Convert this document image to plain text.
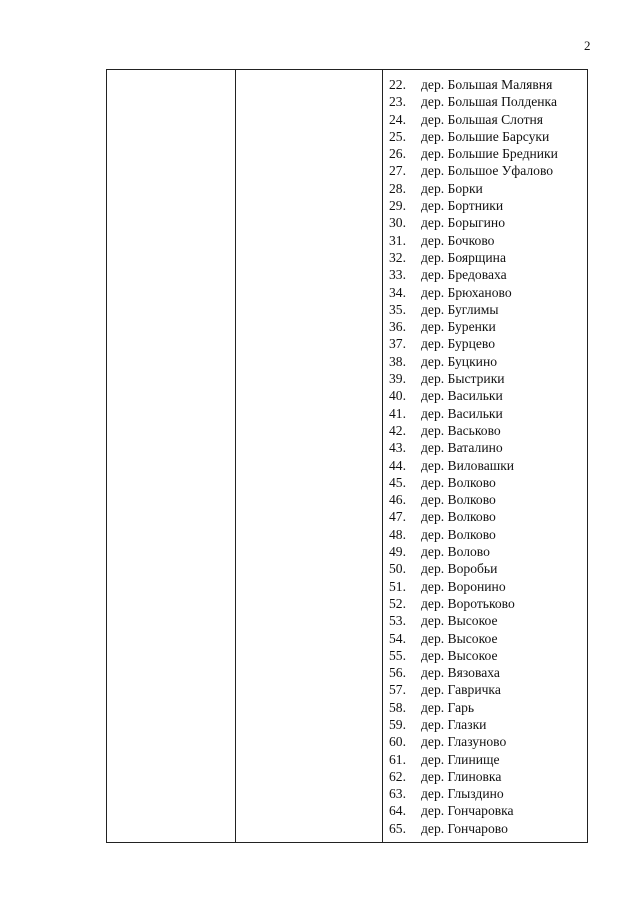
2
22.	дер. Большая Малявня
23.	дер. Большая Полденка
24.	дер. Большая Слотня
25.	дер. Большие Барсуки
26.	дер. Большие Бредники
27.	дер. Большое Уфалово
28.	дер. Борки
29.	дер. Бортники
30.	дер. Борыгино
31.	дер. Бочково
32.	дер. Боярщина
33.	дер. Бредоваха
34.	дер. Брюханово
35.	дер. Буглимы
36.	дер. Буренки
37.	дер. Бурцево
38.	дер. Буцкино
39.	дер. Быстрики
40.	дер. Васильки
41.	дер. Васильки
42.	дер. Васьково
43.	дер. Ваталино
44.	дер. Виловашки
45.	дер. Волково
46.	дер. Волково
47.	дер. Волково
48.	дер. Волково
49.	дер. Волово
50.	дер. Воробьи
51.	дер. Воронино
52.	дер. Воротьково
53.	дер. Высокое
54.	дер. Высокое
55.	дер. Высокое
56.	дер. Вязоваха
57.	дер. Гавричка
58.	дер. Гарь
59.	дер. Глазки
60.	дер. Глазуново
61.	дер. Глинище
62.	дер. Глиновка
63.	дер. Глыздино
64.	дер. Гончаровка
65.	дер. Гончарово
